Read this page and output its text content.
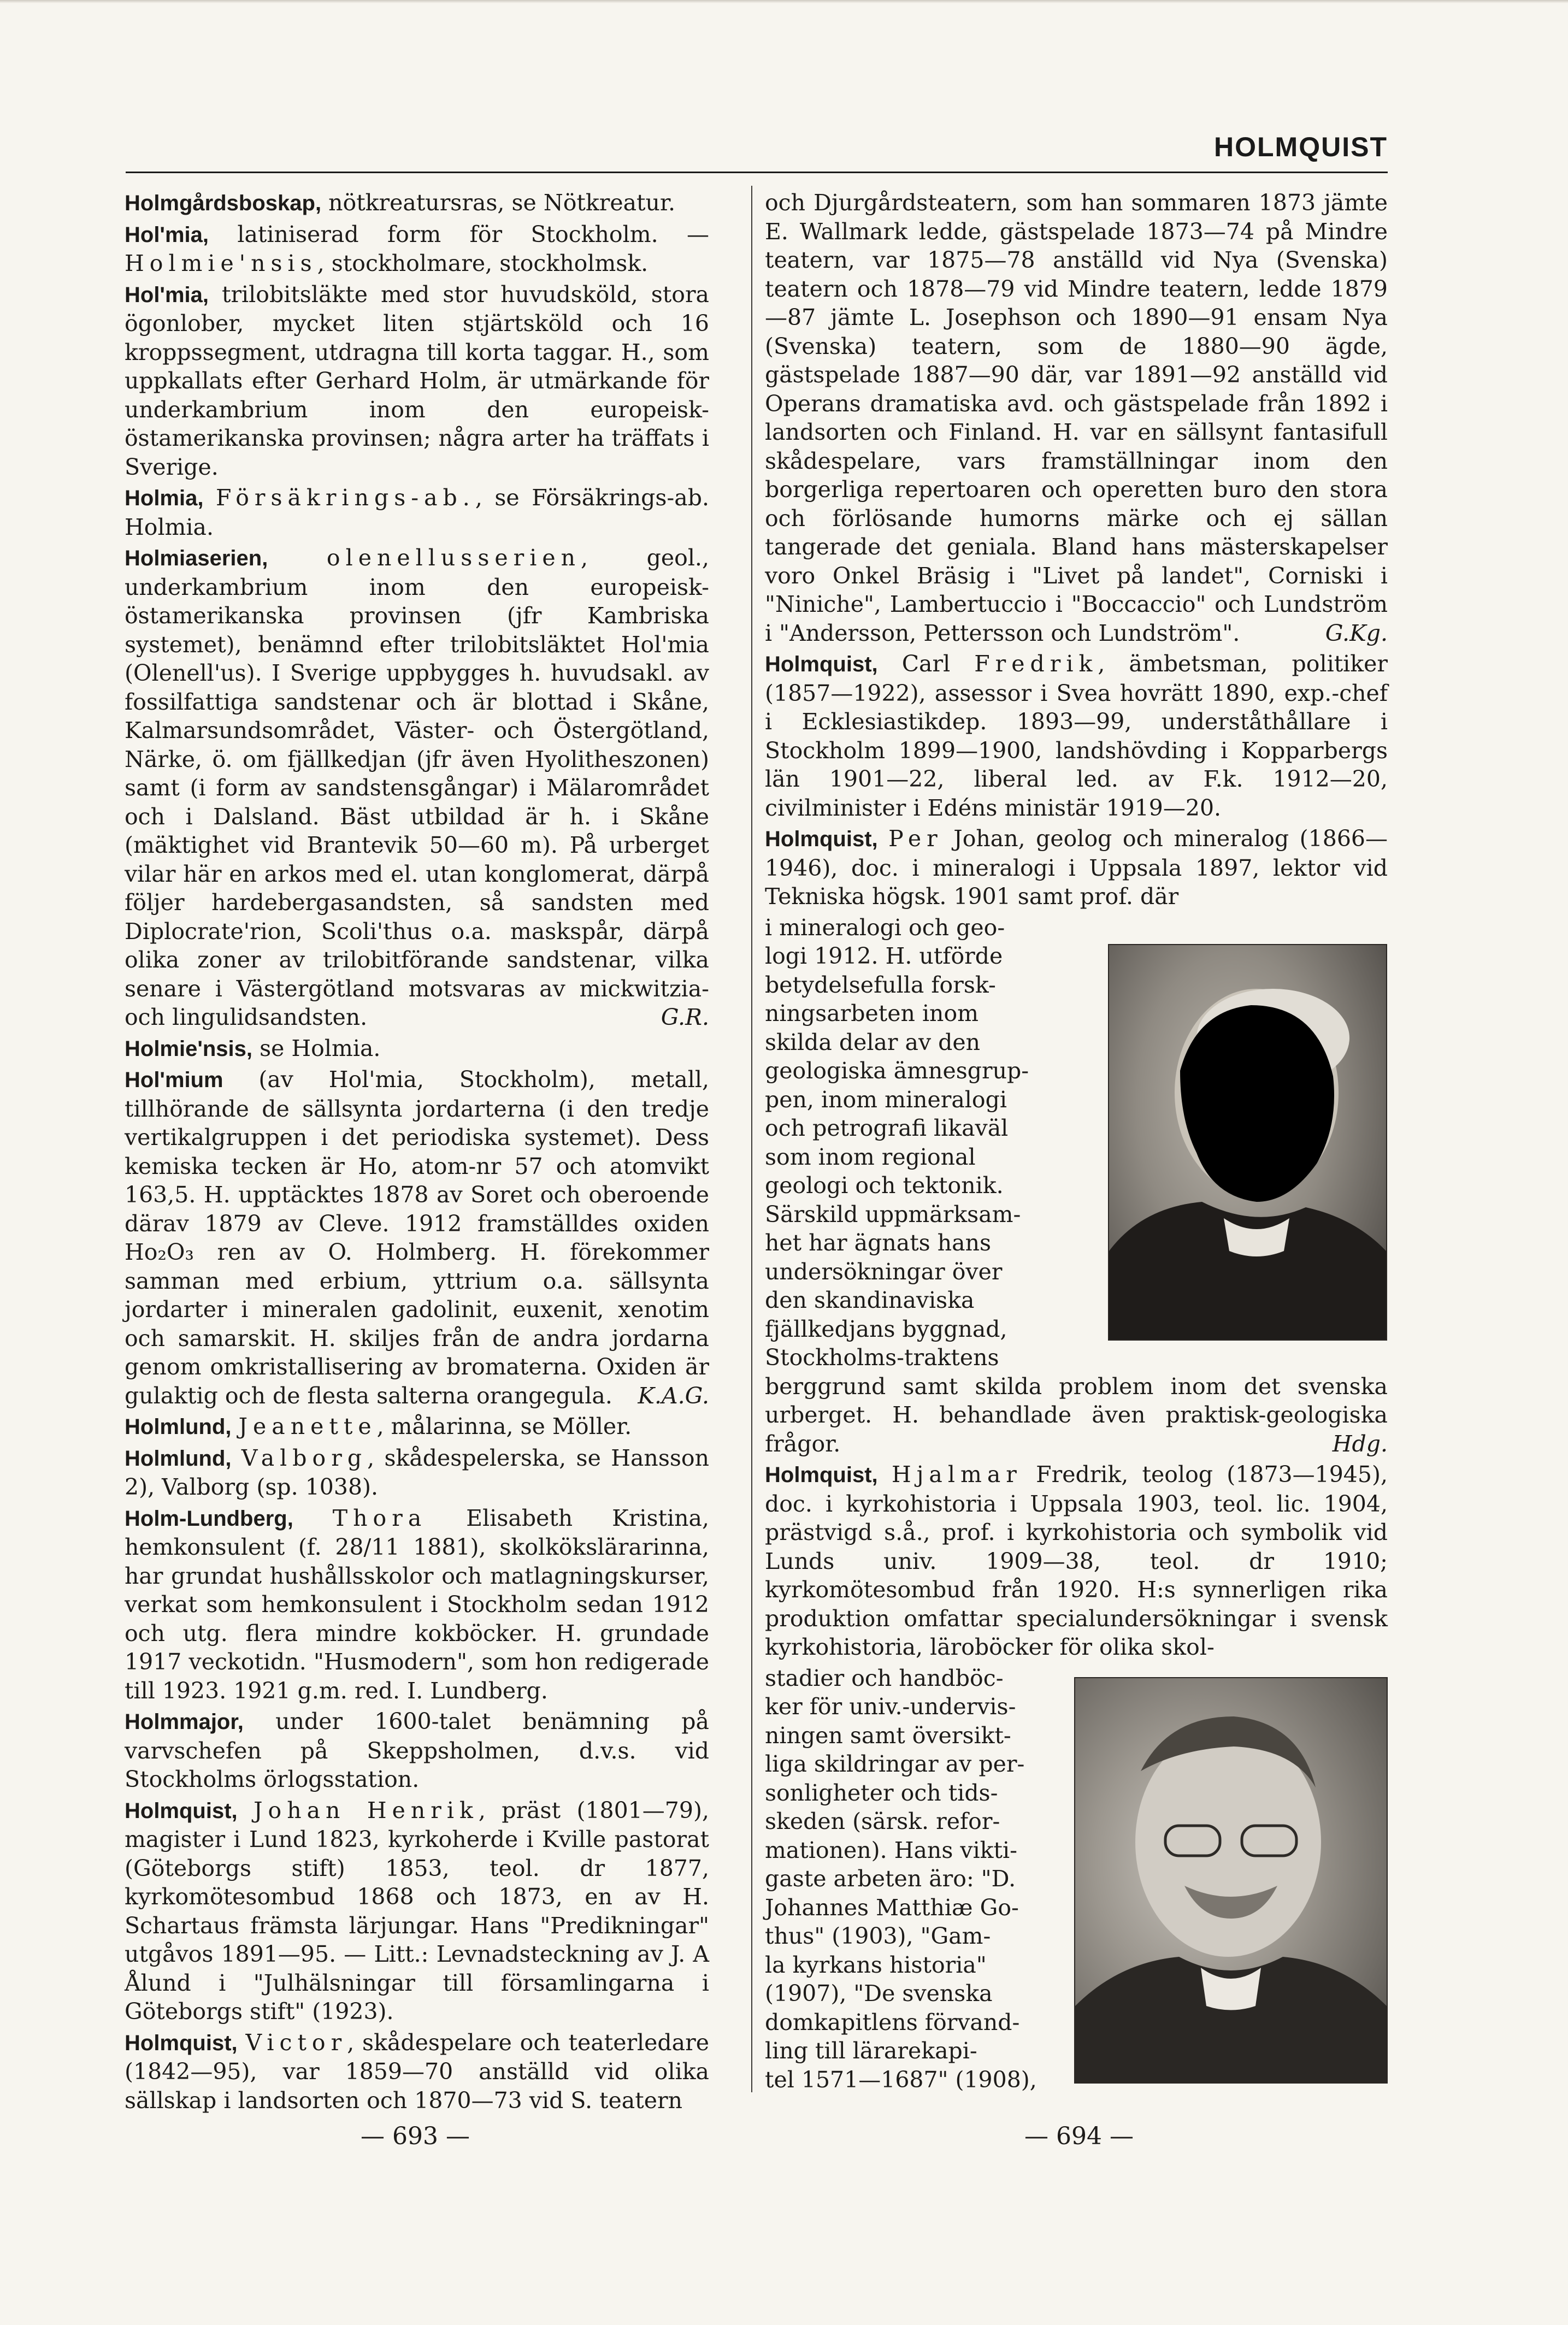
HOLMQUIST

Holmgårdsboskap, nötkreatursras, se Nötkreatur.

Hol'mia, latiniserad form för Stockholm. — Holmie'nsis, stockholmare, stockholmsk.

Hol'mia, trilobitsläkte med stor huvudsköld, stora ögonlober, mycket liten stjärtsköld och 16 kroppssegment, utdragna till korta taggar. H., som uppkallats efter Gerhard Holm, är utmärkande för underkambrium inom den europeisk-östamerikanska provinsen; några arter ha träffats i Sverige.

Holmia, Försäkrings-ab., se Försäkrings-ab. Holmia.

Holmiaserien,	olenellusserien, geol., underkambrium inom den europeisk-östamerikanska provinsen (jfr Kambriska systemet), benämnd efter trilobitsläktet Hol'mia (Olenell'us). I Sverige uppbygges h. huvudsakl. av fossilfattiga sandstenar och är blottad i Skåne, Kalmarsundsområdet, Väster- och Östergötland, Närke, ö. om fjällkedjan (jfr även Hyolitheszonen) samt (i form av sandstensgångar) i Mälarområdet och i Dalsland. Bäst utbildad är h. i Skåne (mäktighet vid Brantevik 50—60 m). På urberget vilar här en arkos med el. utan konglomerat, därpå följer hardebergasandsten, så sandsten med Diplocrate'rion, Scoli'thus o.a. maskspår, därpå olika zoner av trilobitförande sandstenar, vilka senare i Västergötland motsvaras av mickwitzia- och lingulidsandsten.	G.R.

Holmie'nsis, se Holmia.

Hol'mium (av Hol'mia, Stockholm), metall, tillhörande de sällsynta jordarterna (i den tredje vertikalgruppen i det periodiska systemet). Dess kemiska tecken är Ho, atom-nr 57 och atomvikt 163,5. H. upptäcktes 1878 av Soret och oberoende därav 1879 av Cleve. 1912 framställdes oxiden Ho₂O₃ ren av O. Holmberg. H. förekommer samman med erbium, yttrium o.a. sällsynta jordarter i mineralen gadolinit, euxenit, xenotim och samarskit. H. skiljes från de andra jordarna genom omkristallisering av bromaterna. Oxiden är gulaktig och de flesta salterna orangegula. K.A.G.

Holmlund, Jeanette, målarinna, se Möller.

Holmlund, Valborg, skådespelerska, se Hansson 2), Valborg (sp. 1038).

Holm-Lundberg, Thora Elisabeth Kristina, hemkonsulent (f. 28/11 1881), skolkökslärarinna, har grundat hushållsskolor och matlagningskurser, verkat som hemkonsulent i Stockholm sedan 1912 och utg. flera mindre kokböcker. H. grundade 1917 veckotidn. "Husmodern", som hon redigerade till 1923. 1921 g.m. red. I. Lundberg.

Holmmajor, under 1600-talet benämning på varvschefen på Skeppsholmen, d.v.s. vid Stockholms örlogsstation.

Holmquist, Johan Henrik, präst (1801—79), magister i Lund 1823, kyrkoherde i Kville pastorat (Göteborgs stift) 1853, teol. dr 1877, kyrkomötesombud 1868 och 1873, en av H. Schartaus främsta lärjungar. Hans "Predikningar" utgåvos 1891—95. — Litt.: Levnadsteckning av J. A Ålund i "Julhälsningar till församlingarna i Göteborgs stift" (1923).

Holmquist, Victor, skådespelare och teaterledare (1842—95), var 1859—70 anställd vid olika sällskap i landsorten och 1870—73 vid S. teatern

och Djurgårdsteatern, som han sommaren 1873 jämte E. Wallmark ledde, gästspelade 1873—74 på Mindre teatern, var 1875—78 anställd vid Nya (Svenska) teatern och 1878—79 vid Mindre teatern, ledde 1879—87 jämte L. Josephson och 1890—91 ensam Nya (Svenska) teatern, som de 1880—90 ägde, gästspelade 1887—90 där, var 1891—92 anställd vid Operans dramatiska avd. och gästspelade från 1892 i landsorten och Finland. H. var en sällsynt fantasifull skådespelare, vars framställningar inom den borgerliga repertoaren och operetten buro den stora och förlösande humorns märke och ej sällan tangerade det geniala. Bland hans mästerskapelser voro Onkel Bräsig i "Livet på landet", Corniski i "Niniche", Lambertuccio i "Boccaccio" och Lundström i "Andersson, Pettersson och Lundström".	G.Kg.

Holmquist, Carl Fredrik, ämbetsman, politiker (1857—1922), assessor i Svea hovrätt 1890, exp.-chef i Ecklesiastikdep. 1893—99, underståthållare i Stockholm 1899—1900, landshövding i Kopparbergs län 1901—22, liberal led. av F.k. 1912—20, civilminister i Edéns ministär 1919—20.

Holmquist, Per Johan, geolog och mineralog (1866—1946), doc. i mineralogi i Uppsala 1897, lektor vid Tekniska högsk. 1901 samt prof. där

i mineralogi och geo-
logi 1912. H. utförde
betydelsefulla forsk-
ningsarbeten inom
skilda delar av den
geologiska ämnesgrup-
pen, inom mineralogi
och petrografi likaväl
som inom regional
geologi och tektonik.
Särskild uppmärksam-
het har ägnats hans
undersökningar över
den skandinaviska
fjällkedjans byggnad,
Stockholms-traktens

berggrund samt skilda problem inom det svenska urberget. H. behandlade även praktisk-geologiska frågor.	Hdg.

Holmquist, Hjalmar Fredrik, teolog (1873—1945), doc. i kyrkohistoria i Uppsala 1903, teol. lic. 1904, prästvigd s.å., prof. i kyrkohistoria och symbolik vid Lunds univ. 1909—38, teol. dr 1910; kyrkomötesombud från 1920. H:s synnerligen rika produktion omfattar specialundersökningar i svensk kyrkohistoria, läroböcker för olika skol-

stadier och handböc-
ker för univ.-undervis-
ningen samt översikt-
liga skildringar av per-
sonligheter och tids-
skeden (särsk. refor-
mationen). Hans vikti-
gaste arbeten äro: "D.
Johannes Matthiæ Go-
thus" (1903), "Gam-
la kyrkans historia"
(1907), "De svenska
domkapitlens förvand-
ling till lärarekapi-
tel 1571—1687" (1908),
— 693 —	— 694 —
